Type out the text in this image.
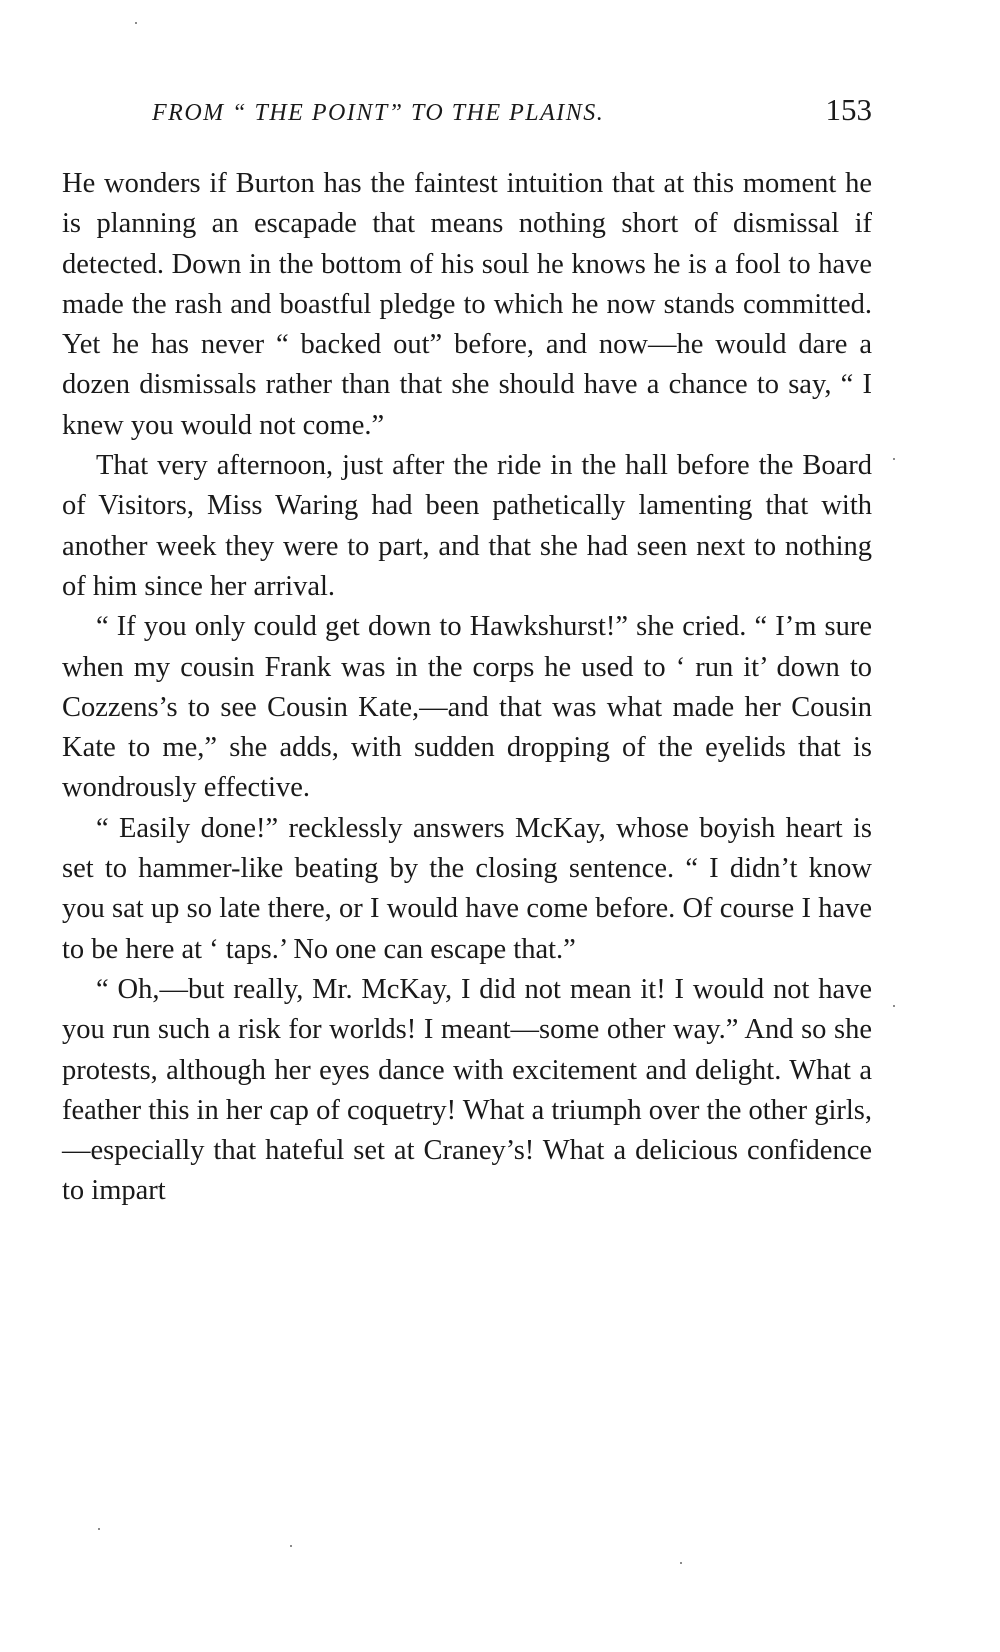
FROM “ THE POINT” TO THE PLAINS.	153

He wonders if Burton has the faintest intuition that at this moment he is planning an escapade that means nothing short of dismissal if detected. Down in the bottom of his soul he knows he is a fool to have made the rash and boastful pledge to which he now stands committed. Yet he has never “ backed out” before, and now—he would dare a dozen dismissals rather than that she should have a chance to say, “ I knew you would not come.”

That very afternoon, just after the ride in the hall before the Board of Visitors, Miss Waring had been pathetically lamenting that with another week they were to part, and that she had seen next to nothing of him since her arrival.

“ If you only could get down to Hawkshurst!” she cried. “ I’m sure when my cousin Frank was in the corps he used to ‘ run it’ down to Cozzens’s to see Cousin Kate,—and that was what made her Cousin Kate to me,” she adds, with sudden dropping of the eyelids that is wondrously effective.

“ Easily done!” recklessly answers McKay, whose boyish heart is set to hammer-like beating by the closing sentence. “ I didn’t know you sat up so late there, or I would have come before. Of course I have to be here at ‘ taps.’ No one can escape that.”

“ Oh,—but really, Mr. McKay, I did not mean it! I would not have you run such a risk for worlds! I meant—some other way.” And so she protests, although her eyes dance with excitement and delight. What a feather this in her cap of coquetry! What a triumph over the other girls,—especially that hateful set at Craney’s! What a delicious confidence to impart
